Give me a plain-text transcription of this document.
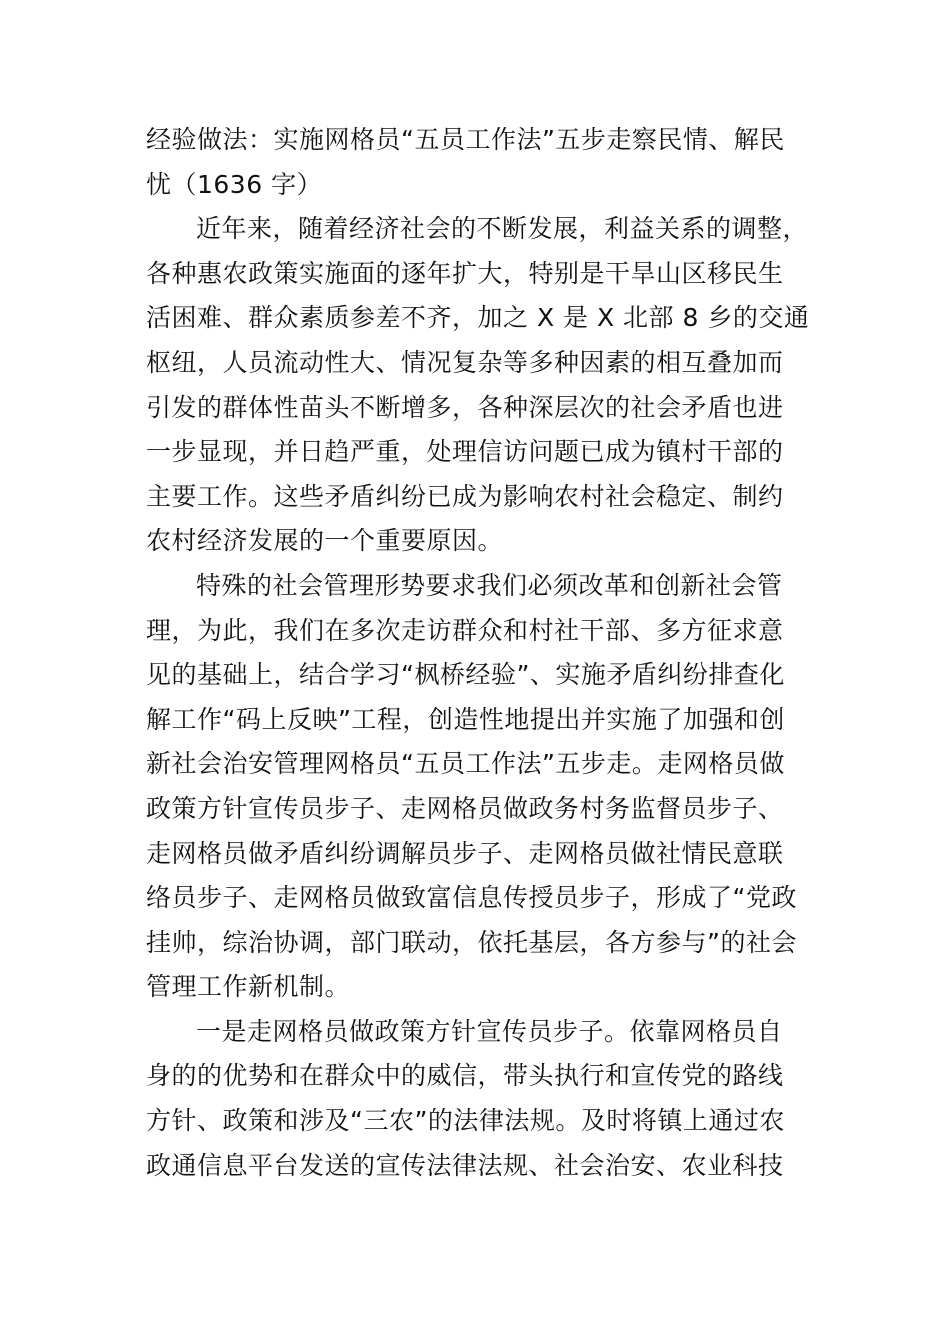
经验做法：实施网格员“五员工作法”五步走察民情、解民
忧（1636 字）
近年来，随着经济社会的不断发展，利益关系的调整，
各种惠农政策实施面的逐年扩大，特别是干旱山区移民生
活困难、群众素质参差不齐，加之 X 是 X 北部 8 乡的交通
枢纽，人员流动性大、情况复杂等多种因素的相互叠加而
引发的群体性苗头不断增多，各种深层次的社会矛盾也进
一步显现，并日趋严重，处理信访问题已成为镇村干部的
主要工作。这些矛盾纠纷已成为影响农村社会稳定、制约
农村经济发展的一个重要原因。
特殊的社会管理形势要求我们必须改革和创新社会管
理，为此，我们在多次走访群众和村社干部、多方征求意
见的基础上，结合学习“枫桥经验”、实施矛盾纠纷排查化
解工作“码上反映”工程，创造性地提出并实施了加强和创
新社会治安管理网格员“五员工作法”五步走。走网格员做
政策方针宣传员步子、走网格员做政务村务监督员步子、
走网格员做矛盾纠纷调解员步子、走网格员做社情民意联
络员步子、走网格员做致富信息传授员步子，形成了“党政
挂帅，综治协调，部门联动，依托基层，各方参与”的社会
管理工作新机制。
一是走网格员做政策方针宣传员步子。依靠网格员自
身的的优势和在群众中的威信，带头执行和宣传党的路线
方针、政策和涉及“三农”的法律法规。及时将镇上通过农
政通信息平台发送的宣传法律法规、社会治安、农业科技
